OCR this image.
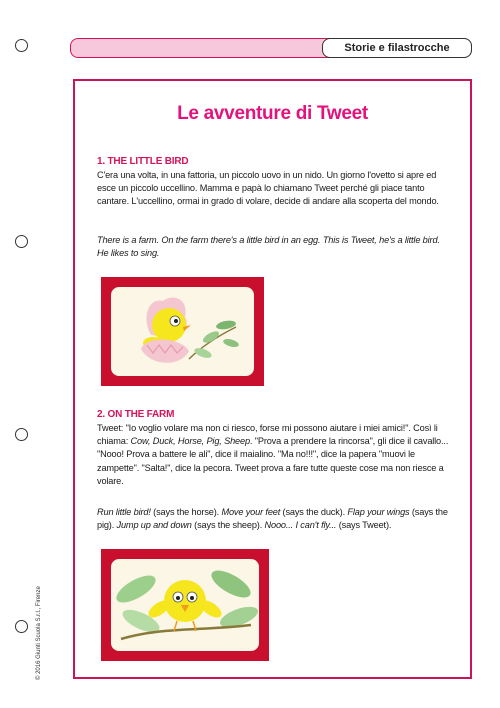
Storie e filastrocche
© 2016 Giunti Scuola S.r.l., Firenze
Le avventure di Tweet
1. THE LITTLE BIRD
C'era una volta, in una fattoria, un piccolo uovo in un nido. Un giorno l'ovetto si apre ed esce un piccolo uccellino. Mamma e papà lo chiamano Tweet perché gli piace tanto cantare. L'uccellino, ormai in grado di volare, decide di andare alla scoperta del mondo.
There is a farm. On the farm there's a little bird in an egg. This is Tweet, he's a little bird. He likes to sing.
2. ON THE FARM
Tweet: "Io voglio volare ma non ci riesco, forse mi possono aiutare i miei amici!". Così li chiama: Cow, Duck, Horse, Pig, Sheep. "Prova a prendere la rincorsa", gli dice il cavallo... "Nooo! Prova a battere le ali", dice il maialino. "Ma no!!!", dice la papera "muovi le zampette". "Salta!", dice la pecora. Tweet prova a fare tutte queste cose ma non riesce a volare.
Run little bird! (says the horse). Move your feet (says the duck). Flap your wings (says the pig). Jump up and down (says the sheep). Nooo... I can't fly... (says Tweet).
